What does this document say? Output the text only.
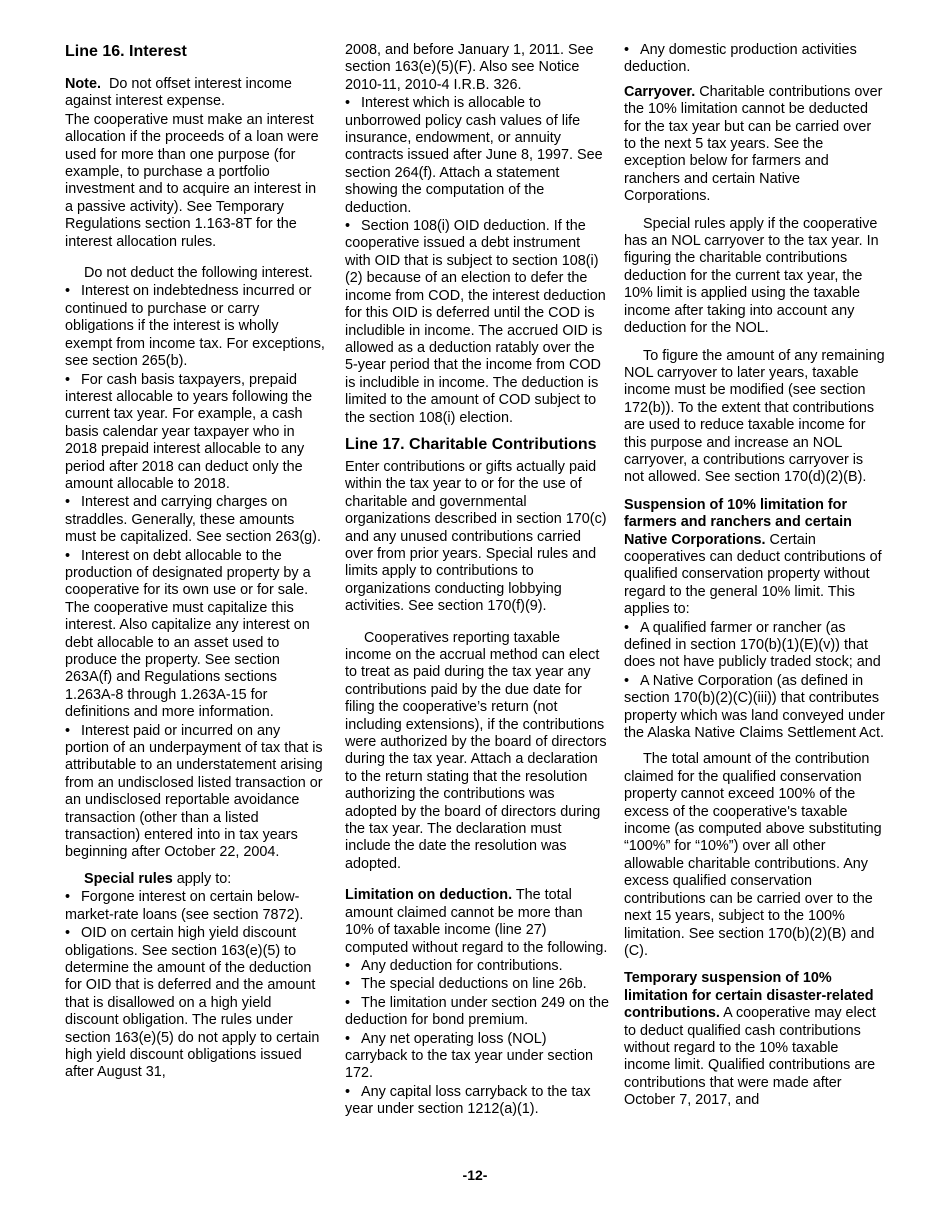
Line 16. Interest

Note. Do not offset interest income against interest expense.

The cooperative must make an interest allocation if the proceeds of a loan were used for more than one purpose (for example, to purchase a portfolio investment and to acquire an interest in a passive activity). See Temporary Regulations section 1.163-8T for the interest allocation rules.

Do not deduct the following interest.

• Interest on indebtedness incurred or continued to purchase or carry obligations if the interest is wholly exempt from income tax. For exceptions, see section 265(b).

• For cash basis taxpayers, prepaid interest allocable to years following the current tax year. For example, a cash basis calendar year taxpayer who in 2018 prepaid interest allocable to any period after 2018 can deduct only the amount allocable to 2018.

• Interest and carrying charges on straddles. Generally, these amounts must be capitalized. See section 263(g).

• Interest on debt allocable to the production of designated property by a cooperative for its own use or for sale. The cooperative must capitalize this interest. Also capitalize any interest on debt allocable to an asset used to produce the property. See section 263A(f) and Regulations sections 1.263A-8 through 1.263A-15 for definitions and more information.

• Interest paid or incurred on any portion of an underpayment of tax that is attributable to an understatement arising from an undisclosed listed transaction or an undisclosed reportable avoidance transaction (other than a listed transaction) entered into in tax years beginning after October 22, 2004.

Special rules apply to:

• Forgone interest on certain below-market-rate loans (see section 7872).

• OID on certain high yield discount obligations. See section 163(e)(5) to determine the amount of the deduction for OID that is deferred and the amount that is disallowed on a high yield discount obligation. The rules under section 163(e)(5) do not apply to certain high yield discount obligations issued after August 31,

2008, and before January 1, 2011. See section 163(e)(5)(F). Also see Notice 2010-11, 2010-4 I.R.B. 326.

• Interest which is allocable to unborrowed policy cash values of life insurance, endowment, or annuity contracts issued after June 8, 1997. See section 264(f). Attach a statement showing the computation of the deduction.

• Section 108(i) OID deduction. If the cooperative issued a debt instrument with OID that is subject to section 108(i)(2) because of an election to defer the income from COD, the interest deduction for this OID is deferred until the COD is includible in income. The accrued OID is allowed as a deduction ratably over the 5-year period that the income from COD is includible in income. The deduction is limited to the amount of COD subject to the section 108(i) election.

Line 17. Charitable Contributions

Enter contributions or gifts actually paid within the tax year to or for the use of charitable and governmental organizations described in section 170(c) and any unused contributions carried over from prior years. Special rules and limits apply to contributions to organizations conducting lobbying activities. See section 170(f)(9).

Cooperatives reporting taxable income on the accrual method can elect to treat as paid during the tax year any contributions paid by the due date for filing the cooperative’s return (not including extensions), if the contributions were authorized by the board of directors during the tax year. Attach a declaration to the return stating that the resolution authorizing the contributions was adopted by the board of directors during the tax year. The declaration must include the date the resolution was adopted.

Limitation on deduction. The total amount claimed cannot be more than 10% of taxable income (line 27) computed without regard to the following.

• Any deduction for contributions.

• The special deductions on line 26b.

• The limitation under section 249 on the deduction for bond premium.

• Any net operating loss (NOL) carryback to the tax year under section 172.

• Any capital loss carryback to the tax year under section 1212(a)(1).

• Any domestic production activities deduction.

Carryover. Charitable contributions over the 10% limitation cannot be deducted for the tax year but can be carried over to the next 5 tax years. See the exception below for farmers and ranchers and certain Native Corporations.

Special rules apply if the cooperative has an NOL carryover to the tax year. In figuring the charitable contributions deduction for the current tax year, the 10% limit is applied using the taxable income after taking into account any deduction for the NOL.

To figure the amount of any remaining NOL carryover to later years, taxable income must be modified (see section 172(b)). To the extent that contributions are used to reduce taxable income for this purpose and increase an NOL carryover, a contributions carryover is not allowed. See section 170(d)(2)(B).

Suspension of 10% limitation for farmers and ranchers and certain Native Corporations. Certain cooperatives can deduct contributions of qualified conservation property without regard to the general 10% limit. This applies to:

• A qualified farmer or rancher (as defined in section 170(b)(1)(E)(v)) that does not have publicly traded stock; and

• A Native Corporation (as defined in section 170(b)(2)(C)(iii)) that contributes property which was land conveyed under the Alaska Native Claims Settlement Act.

The total amount of the contribution claimed for the qualified conservation property cannot exceed 100% of the excess of the cooperative's taxable income (as computed above substituting “100%” for “10%”) over all other allowable charitable contributions. Any excess qualified conservation contributions can be carried over to the next 15 years, subject to the 100% limitation. See section 170(b)(2)(B) and (C).

Temporary suspension of 10% limitation for certain disaster-related contributions. A cooperative may elect to deduct qualified cash contributions without regard to the 10% taxable income limit. Qualified contributions are contributions that were made after October 7, 2017, and

-12-
